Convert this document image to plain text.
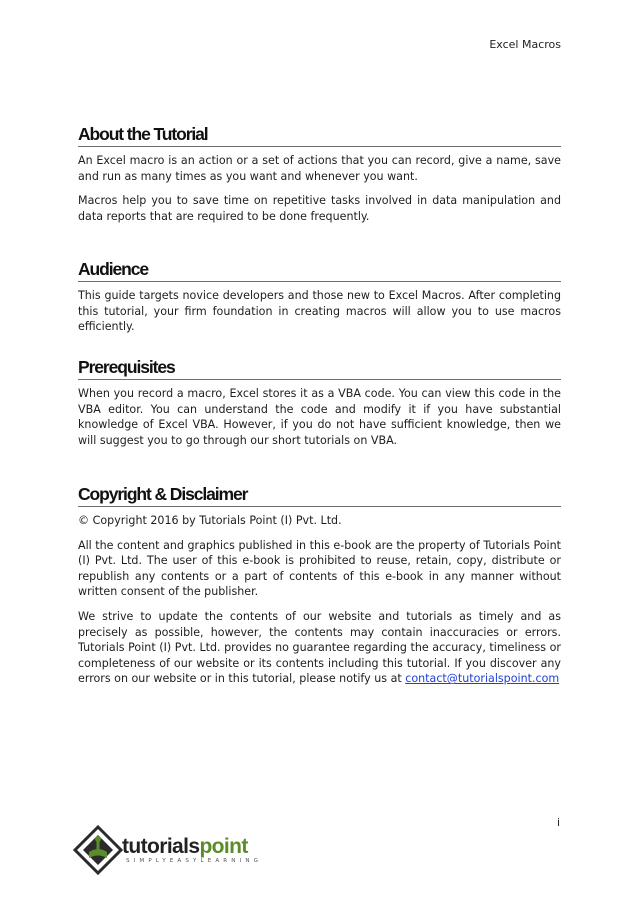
Excel Macros
About the Tutorial

An Excel macro is an action or a set of actions that you can record, give a name, save and run as many times as you want and whenever you want.

Macros help you to save time on repetitive tasks involved in data manipulation and data reports that are required to be done frequently.

Audience

This guide targets novice developers and those new to Excel Macros. After completing this tutorial, your firm foundation in creating macros will allow you to use macros efficiently.

Prerequisites

When you record a macro, Excel stores it as a VBA code. You can view this code in the VBA editor. You can understand the code and modify it if you have substantial knowledge of Excel VBA. However, if you do not have sufficient knowledge, then we will suggest you to go through our short tutorials on VBA.

Copyright & Disclaimer

© Copyright 2016 by Tutorials Point (I) Pvt. Ltd.

All the content and graphics published in this e-book are the property of Tutorials Point (I) Pvt. Ltd. The user of this e-book is prohibited to reuse, retain, copy, distribute or republish any contents or a part of contents of this e-book in any manner without written consent of the publisher.

We strive to update the contents of our website and tutorials as timely and as precisely as possible, however, the contents may contain inaccuracies or errors. Tutorials Point (I) Pvt. Ltd. provides no guarantee regarding the accuracy, timeliness or completeness of our website or its contents including this tutorial. If you discover any errors on our website or in this tutorial, please notify us at contact@tutorialspoint.com

i
tutorialspoint
SIMPLYEASYLEARNING
